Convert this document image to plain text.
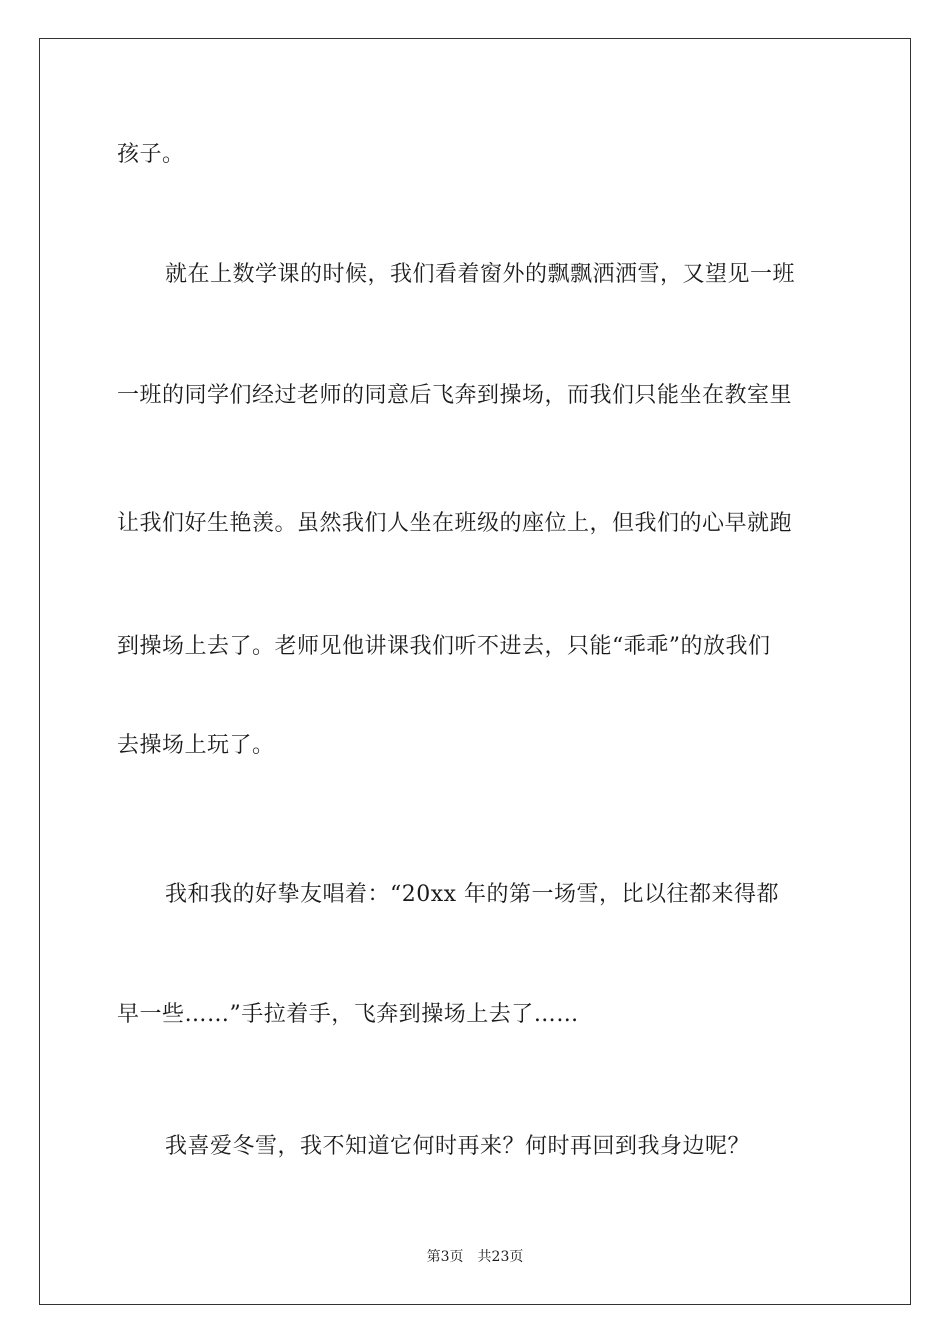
孩子。
就在上数学课的时候，我们看着窗外的飘飘洒洒雪，又望见一班
一班的同学们经过老师的同意后飞奔到操场，而我们只能坐在教室里
让我们好生艳羡。虽然我们人坐在班级的座位上，但我们的心早就跑
到操场上去了。老师见他讲课我们听不进去，只能“乖乖”的放我们
去操场上玩了。
我和我的好挚友唱着：“20xx 年的第一场雪，比以往都来得都
早一些……”手拉着手，飞奔到操场上去了……
我喜爱冬雪，我不知道它何时再来？何时再回到我身边呢？
第3页 共23页
